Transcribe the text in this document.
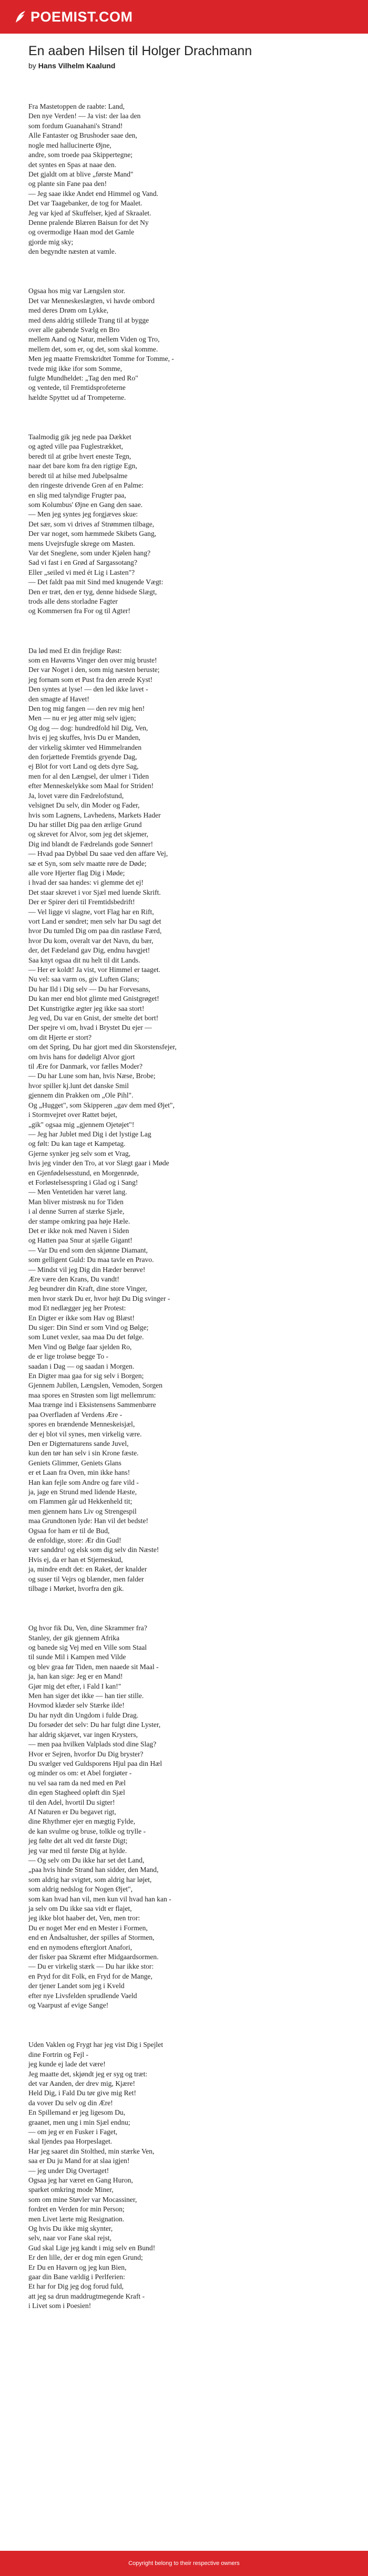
POEMIST.COM
En aaben Hilsen til Holger Drachmann
by Hans Vilhelm Kaalund

Fra Mastetoppen de raabte: Land,
Den nye Verden! — Ja vist: der laa den
som fordum Guanahani's Strand!
Alle Fantaster og Brushoder saae den,
nogle med hallucinerte Øjne,
andre, som troede paa Skippertegne;
det syntes en Spas at naae den.
Det gjaldt om at blive „første Mand"
og plante sin Fane paa den!
— Jeg saae ikke Andet end Himmel og Vand.
Det var Taagebanker, de tog for Maalet.
Jeg var kjed af Skuffelser, kjed af Skraalet.
Denne pralende Blæren Baisun for det Ny
og overmodige Haan mod det Gamle
gjorde mig sky;
den begyndte næsten at vamle.

Ogsaa hos mig var Længslen stor.
Det var Menneskeslægten, vi havde ombord
med deres Drøm om Lykke,
med dens aldrig stillede Trang til at bygge
over alle gabende Svælg en Bro
mellem Aand og Natur, mellem Viden og Tro,
mellem det, som er, og det, som skal komme.
Men jeg maatte Fremskridtet Tomme for Tomme, -
tvede mig ikke ifor som Somme,
fulgte Mundheldet: „Tag den med Ro"
og ventede, til Fremtidsprofeterne
hældte Spyttet ud af Trompeterne.

Taalmodig gik jeg nede paa Dækket
og agted ville paa Fuglestrækket,
beredt til at gribe hvert eneste Tegn,
naar det bare kom fra den rigtige Egn,
beredt til at hilse med Jubelpsalme
den ringeste drivende Gren af en Palme:
en slig med talyndige Frugter paa,
som Kolumbus' Øjne en Gang den saae.
— Men jeg syntes jeg forgjæves skue:
Det sær, som vi drives af Strømmen tilbage,
Der var noget, som hæmmede Skibets Gang,
mens Uvejrsfugle skrege om Masten.
Var det Sneglene, som under Kjølen hang?
Sad vi fast i en Grød af Sargassotang?
Eller „seiled vi med ét Lig i Lasten"?
— Det faldt paa mit Sind med knugende Vægt:
Den er træt, den er tyg, denne hidsede Slægt,
trods alle dens storladne Fagter
og Kommersen fra For og til Agter!

Da lød med Et din frejdige Røst:
som en Havørns Vinger den over mig bruste!
Der var Noget i den, som mig næsten beruste;
jeg fornam som et Pust fra den ærede Kyst!
Den syntes at lyse! — den led ikke lavet -
den smagte af Havet!
Den tog mig fangen — den rev mig hen!
Men — nu er jeg atter mig selv igjen;
Og dog — dog: hundredfold hil Dig, Ven,
hvis ej jeg skuffes, hvis Du er Manden,
der virkelig skimter ved Himmelranden
den forjættede Fremtids gryende Dag,
ej Blot for vort Land og dets dyre Sag,
men for al den Længsel, der ulmer i Tiden
efter Menneskelykke som Maal for Striden!
Ja, lovet være din Fædrelofstund,
velsignet Du selv, din Moder og Fader,
hvis som Lagnens, Lavhedens, Markets Hader
Du har stillet Dig paa den ærlige Grund
og skrevet for Alvor, som jeg det skjemer,
Dig ind blandt de Fædrelands gode Sønner!
— Hvad paa Dybbøl Du saae ved den affare Vej,
sæ et Syn, som selv maatte røre de Døde;
alle vore Hjerter flag Dig i Møde;
i hvad der saa handes: vi glemme det ej!
Det staar skrevet i vor Sjæl med luende Skrift.
Der er Spirer deri til Fremtidsbedrift!
— Vel ligge vi slagne, vort Flag har en Rift,
vort Land er søndret; men selv har Du sagt det
hvor Du tumled Dig om paa din rastløse Færd,
hvor Du kom, overalt var det Navn, du bær,
der, det Fædeland gav Dig, endnu havgjet!
Saa knyt ogsaa dit nu helt til dit Lands.
— Her er koldt! Ja vist, vor Himmel er taaget.
Nu vel: saa varm os, giv Luften Glans;
Du har Ild i Dig selv — Du har Forvesans,
Du kan mer end blot glimte med Gnistgrøget!
Det Kunstrigtke ægter jeg ikke saa stort!
Jeg ved, Du var en Gnist, der smelte det bort!
Der spejre vi om, hvad i Brystet Du ejer —
om dit Hjerte er stort?
om det Spring, Du har gjort med din Skorstensfejer,
om hvis hans for dødeligt Alvor gjort
til Ære for Danmark, vor fælles Moder?
— Du har Lune som han, hvis Næse, Brobe;
hvor spiller kj.lunt det danske Smil
gjennem din Prakken om „Ole Pihl".
Og „Hugget", som Skipperen „gav dem med Øjet",
i Stormvejret over Rattet bøjet,
„gik" ogsaa mig „gjennem Ojetøjet"!
— Jeg har Jublet med Dig i det lystige Lag
og følt: Du kan tage et Kampetag.
Gjerne synker jeg selv som et Vrag,
hvis jeg vinder den Tro, at vor Slægt gaar i Møde
en Gjenfødelsesstund, en Morgenrøde,
et Forløstelsesspring i Glad og i Sang!
— Men Ventetiden har været lang.
Man bliver mistrøsk nu for Tiden
i al denne Surren af stærke Sjæle,
der stampe omkring paa høje Hæle.
Det er ikke nok med Naven i Siden
og Hatten paa Snur at sjælle Gigant!
— Var Du end som den skjønne Diamant,
som gelligent Guld: Du maa tavle en Pravo.
— Mindst vil jeg Dig din Hæder berøve!
Ære være den Krans, Du vandt!
Jeg beundrer din Kraft, dine store Vinger,
men hvor stærk Du er, hvor højt Du Dig svinger -
mod Et nedlægger jeg her Protest:
En Digter er ikke som Hav og Blæst!
Du siger: Din Sind er som Vind og Bølge;
som Lunet vexler, saa maa Du det følge.
Men Vind og Bølge faar sjelden Ro,
de er lige troløse begge To -
saadan i Dag — og saadan i Morgen.
En Digter maa gaa for sig selv i Borgen;
Gjennem Jubllen, Længslen, Vemoden, Sorgen
maa spores en Strøsten som ligt mellemrum:
Maa trænge ind i Eksistensens Sammenbære
paa Overfladen af Verdens Ære -
spores en brændende Menneskeisjæl,
der ej blot vil synes, men virkelig være.
Den er Digternaturens sande Juvel,
kun den tør han selv i sin Krone fæste.
Geniets Glimmer, Geniets Glans
er et Laan fra Oven, min ikke hans!
Han kan fejle som Andre og fare vild -
ja, jage en Strund med lidende Hæste,
om Flammen går ud Hekkenheld tit;
men gjennem hans Liv og Strengespil
maa Grundtonen lyde: Han vil det bedste!
Ogsaa for ham er til de Bud,
de enfoldige, store: Ær din Gud!
vær sanddru! og elsk som dig selv din Næste!
Hvis ej, da er han et Stjerneskud,
ja, mindre endt det: en Raket, der knalder
og suser til Vejrs og blænder, men falder
tilbage i Mørket, hvorfra den gik.

Og hvor fik Du, Ven, dine Skrammer fra?
Stanley, der gik gjennem Afrika
og banede sig Vej med en Ville som Staal
til sunde Mil i Kampen med Vilde
og blev graa før Tiden, men naaede sit Maal -
ja, han kan sige: Jeg er en Mand!
Gjør mig det efter, i Fald I kan!"
Men han siger det ikke — han tier stille.
Hovmod klæder selv Stærke ilde!
Du har nydt din Ungdom i fulde Drag.
Du forsøder det selv: Du har fulgt dine Lyster,
har aldrig skjævet, var ingen Krysters,
— men paa hvilken Valplads stod dine Slag?
Hvor er Sejren, hvorfor Du Dig bryster?
Du svælger ved Guldsporens Hjul paa din Hæl
og minder os om: et Abel forgiøter -
nu vel saa ram da ned med en Pæl
din egen Stagheed opløft din Sjæl
til den Adel, hvortil Du sigter!
Af Naturen er Du begavet rigt,
dine Rhythmer ejer en mægtig Fylde,
de kan svulme og bruse, tolkle og trylle -
jeg følte det alt ved dit første Digt;
jeg var med til første Dig at hylde.
— Og selv om Du ikke har set det Land,
„paa hvis hinde Strand han sidder, den Mand,
som aldrig har svigtet, som aldrig har løjet,
som aldrig nedslog for Nogen Øjet",
som kan hvad han vil, men kun vil hvad han kan -
ja selv om Du ikke saa vidt er flajet,
jeg ikke blot haaber det, Ven, men tror:
Du er noget Mer end en Mester i Formen,
end en Åndsaltusher, der spilles af Stormen,
end en nymodens efterglort Anafori,
der fisker paa Skræmt efter Midgaardsormen.
— Du er virkelig stærk — Du har ikke stor:
en Pryd for dit Folk, en Fryd for de Mange,
der tjener Landet som jeg i Kveld
efter nye Livsfelden sprudlende Vaeld
og Vaarpust af evige Sange!

Uden Vaklen og Frygt har jeg vist Dig i Spejlet
dine Fortrin og Fejl -
jeg kunde ej lade det være!
Jeg maatte det, skjøndt jeg er syg og træt:
det var Aanden, der drev mig, Kjære!
Held Dig, i Fald Du tør give mig Ret!
da vover Du selv og din Ære!
En Spillemand er jeg ligesom Du,
graanet, men ung i min Sjæl endnu;
— om jeg er en Fusker i Faget,
skal Ijendes paa Horpeslaget.
Har jeg saaret din Stolthed, min stærke Ven,
saa er Du ju Mand for at slaa igjen!
— jeg under Dig Overtaget!
Ogsaa jeg har været en Gang Huron,
sparket omkring mode Miner,
som om mine Støvler var Mocassiner,
fordret en Verden for min Person;
men Livet lærte mig Resignation.
Og hvis Du ikke mig skynter,
selv, naar vor Fane skal rejst,
Gud skal Lige jeg kandt i mig selv en Bund!
Er den lille, der er dog min egen Grund;
Er Du en Havørn og jeg kun Bien,
gaar din Bane vældig i Perlferien:
Et har for Dig jeg dog forud fuld,
att jeg sa drun maddrugtmegende Kraft -
i Livet som i Poesien!

Copyright belong to their respective owners
